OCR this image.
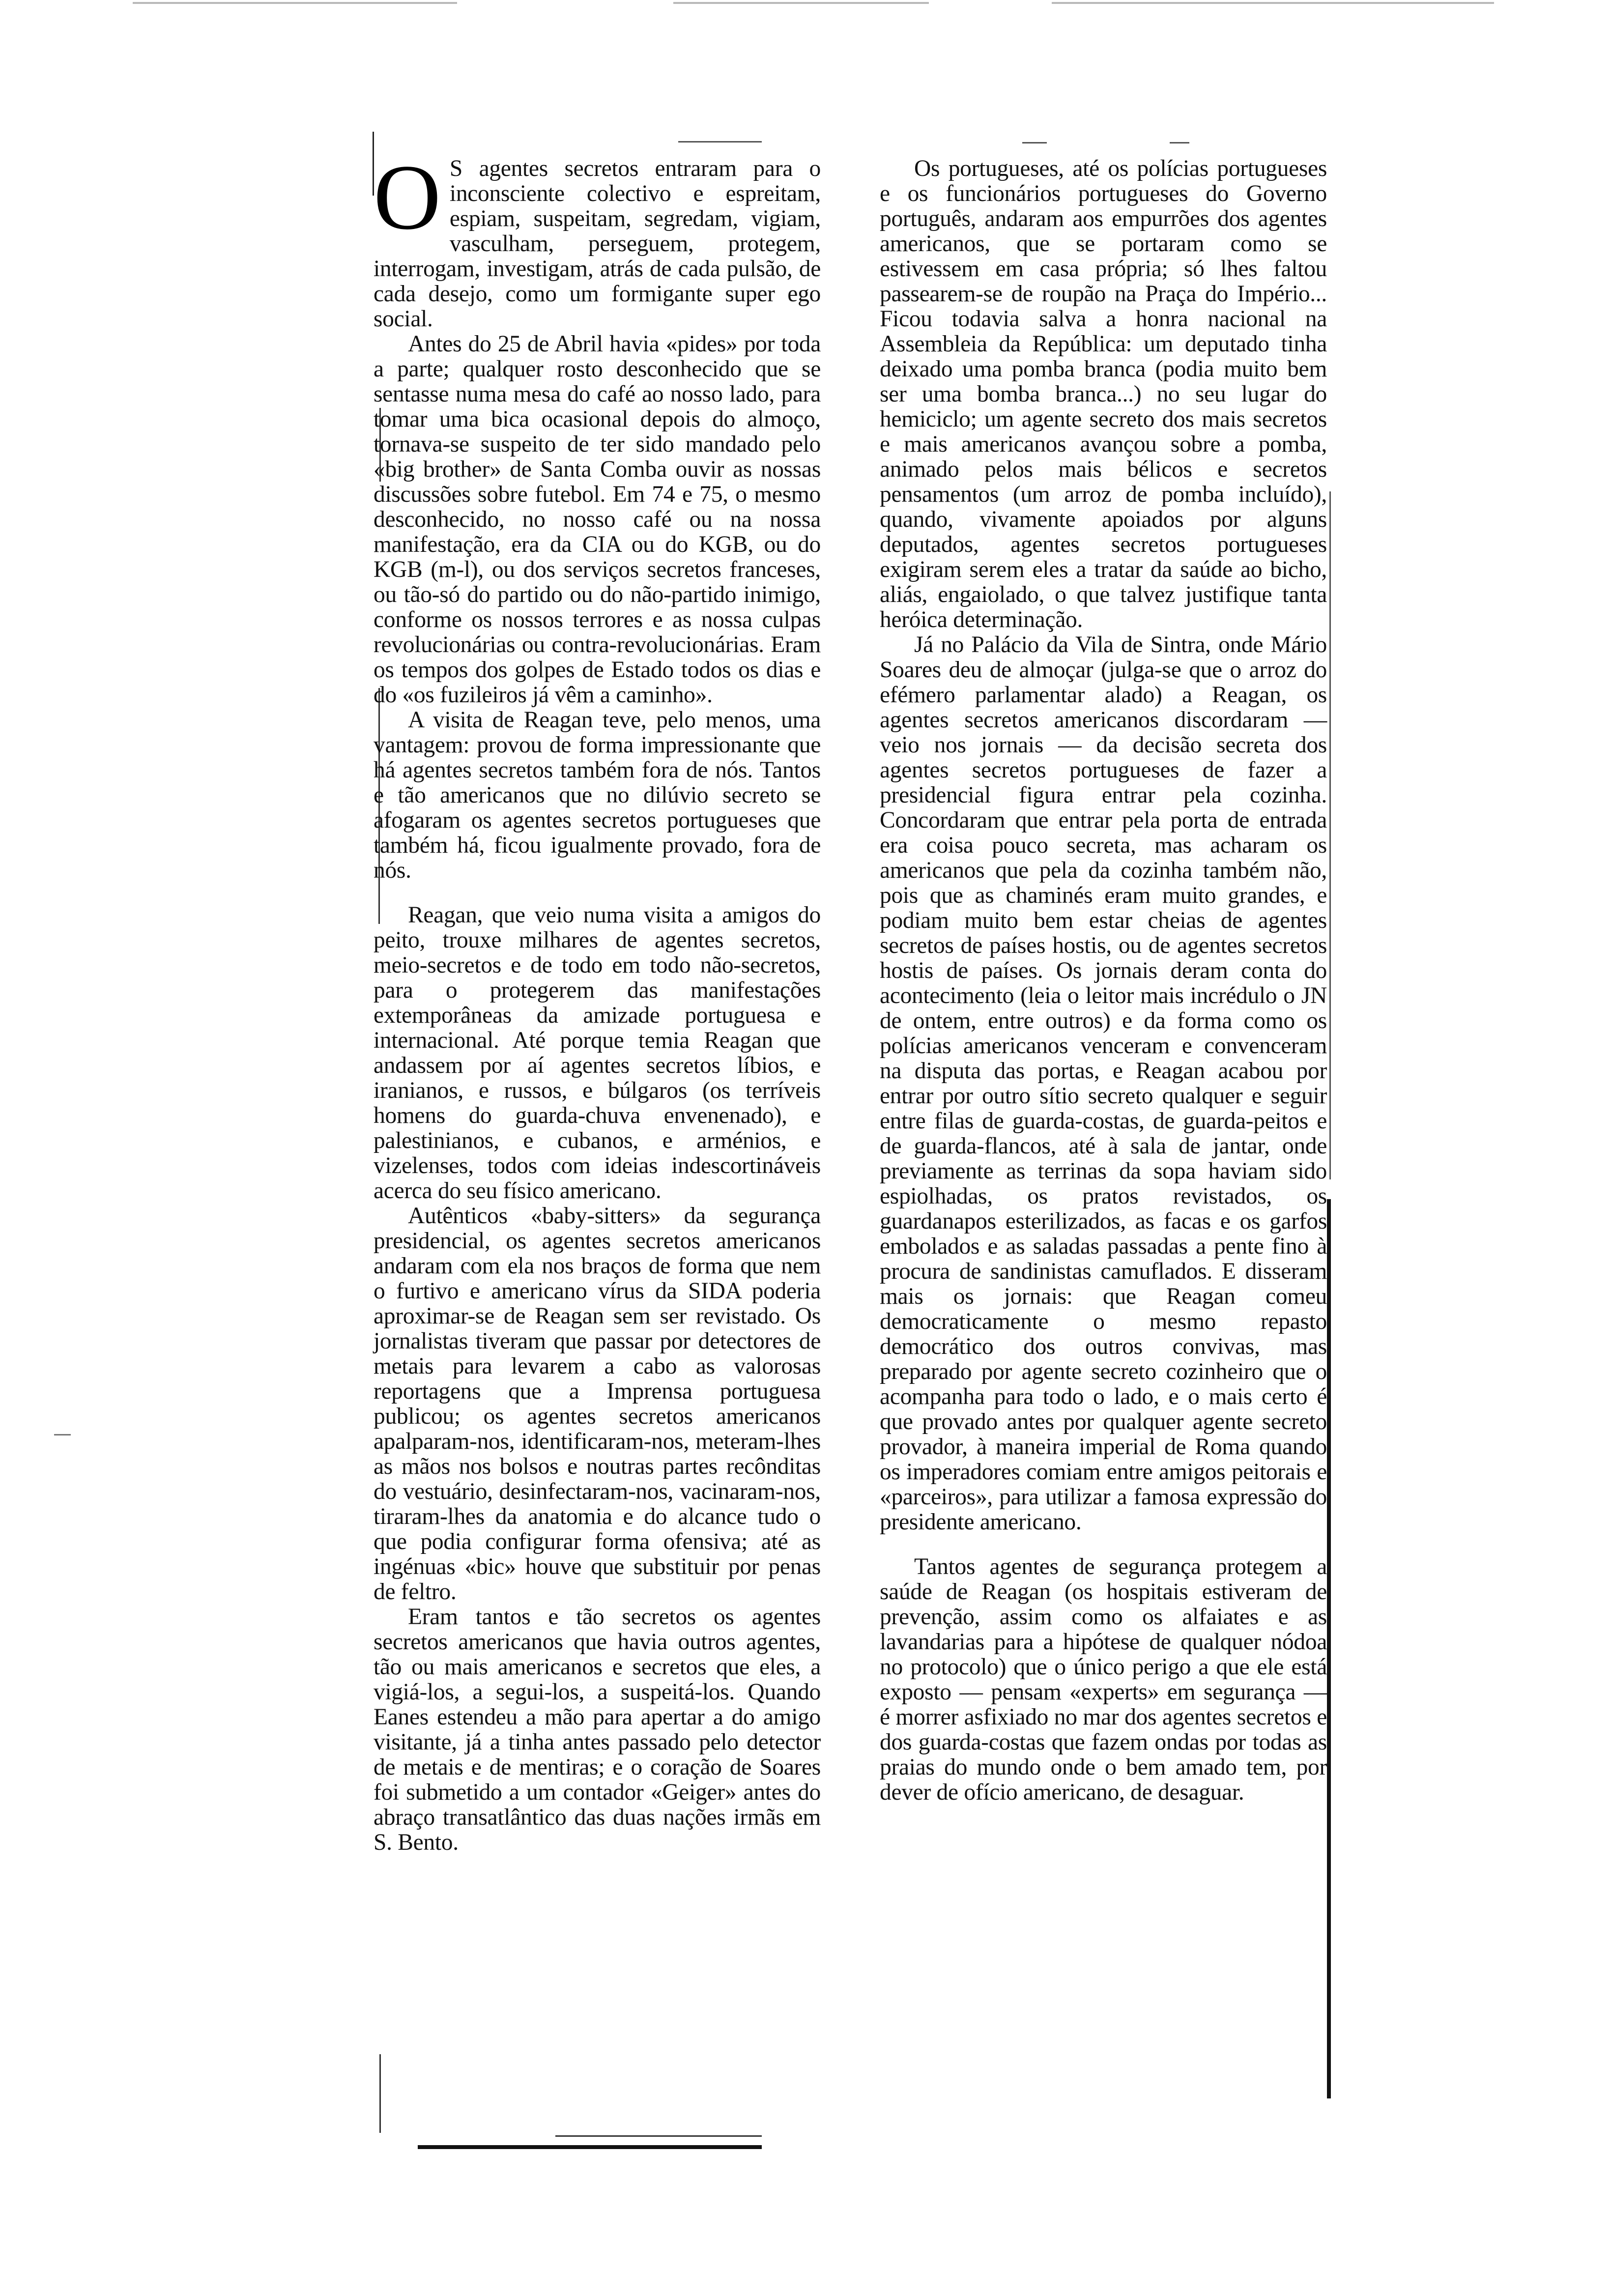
O S agentes secretos entraram para o inconsciente colectivo e espreitam, espiam, suspeitam, segredam, vigiam, vasculham, perseguem, protegem, interrogam, investigam, atrás de cada pulsão, de cada desejo, como um formigante super ego social.

Antes do 25 de Abril havia «pides» por toda a parte; qualquer rosto desconhecido que se sentasse numa mesa do café ao nosso lado, para tomar uma bica ocasional depois do almoço, tornava-se suspeito de ter sido mandado pelo «big brother» de Santa Comba ouvir as nossas discussões sobre futebol. Em 74 e 75, o mesmo desconhecido, no nosso café ou na nossa manifestação, era da CIA ou do KGB, ou do KGB (m-l), ou dos serviços secretos franceses, ou tão-só do partido ou do não-partido inimigo, conforme os nossos terrores e as nossa culpas revolucionárias ou contra-revolucionárias. Eram os tempos dos golpes de Estado todos os dias e do «os fuzileiros já vêm a caminho».

A visita de Reagan teve, pelo menos, uma vantagem: provou de forma impressionante que há agentes secretos também fora de nós. Tantos e tão americanos que no dilúvio secreto se afogaram os agentes secretos portugueses que também há, ficou igualmente provado, fora de nós.

Reagan, que veio numa visita a amigos do peito, trouxe milhares de agentes secretos, meio-secretos e de todo em todo não-secretos, para o protegerem das manifestações extemporâneas da amizade portuguesa e internacional. Até porque temia Reagan que andassem por aí agentes secretos líbios, e iranianos, e russos, e búlgaros (os terríveis homens do guarda-chuva envenenado), e palestinianos, e cubanos, e arménios, e vizelenses, todos com ideias indescortináveis acerca do seu físico americano.

Autênticos «baby-sitters» da segurança presidencial, os agentes secretos americanos andaram com ela nos braços de forma que nem o furtivo e americano vírus da SIDA poderia aproximar-se de Reagan sem ser revistado. Os jornalistas tiveram que passar por detectores de metais para levarem a cabo as valorosas reportagens que a Imprensa portuguesa publicou; os agentes secretos americanos apalparam-nos, identificaram-nos, meteram-lhes as mãos nos bolsos e noutras partes recônditas do vestuário, desinfectaram-nos, vacinaram-nos, tiraram-lhes da anatomia e do alcance tudo o que podia configurar forma ofensiva; até as ingénuas «bic» houve que substituir por penas de feltro.

Eram tantos e tão secretos os agentes secretos americanos que havia outros agentes, tão ou mais americanos e secretos que eles, a vigiá-los, a segui-los, a suspeitá-los. Quando Eanes estendeu a mão para apertar a do amigo visitante, já a tinha antes passado pelo detector de metais e de mentiras; e o coração de Soares foi submetido a um contador «Geiger» antes do abraço transatlântico das duas nações irmãs em S. Bento.

Os portugueses, até os polícias portugueses e os funcionários portugueses do Governo português, andaram aos empurrões dos agentes americanos, que se portaram como se estivessem em casa própria; só lhes faltou passearem-se de roupão na Praça do Império... Ficou todavia salva a honra nacional na Assembleia da República: um deputado tinha deixado uma pomba branca (podia muito bem ser uma bomba branca...) no seu lugar do hemiciclo; um agente secreto dos mais secretos e mais americanos avançou sobre a pomba, animado pelos mais bélicos e secretos pensamentos (um arroz de pomba incluído), quando, vivamente apoiados por alguns deputados, agentes secretos portugueses exigiram serem eles a tratar da saúde ao bicho, aliás, engaiolado, o que talvez justifique tanta heróica determinação.

Já no Palácio da Vila de Sintra, onde Mário Soares deu de almoçar (julga-se que o arroz do efémero parlamentar alado) a Reagan, os agentes secretos americanos discordaram — veio nos jornais — da decisão secreta dos agentes secretos portugueses de fazer a presidencial figura entrar pela cozinha. Concordaram que entrar pela porta de entrada era coisa pouco secreta, mas acharam os americanos que pela da cozinha também não, pois que as chaminés eram muito grandes, e podiam muito bem estar cheias de agentes secretos de países hostis, ou de agentes secretos hostis de países. Os jornais deram conta do acontecimento (leia o leitor mais incrédulo o JN de ontem, entre outros) e da forma como os polícias americanos venceram e convenceram na disputa das portas, e Reagan acabou por entrar por outro sítio secreto qualquer e seguir entre filas de guarda-costas, de guarda-peitos e de guarda-flancos, até à sala de jantar, onde previamente as terrinas da sopa haviam sido espiolhadas, os pratos revistados, os guardanapos esterilizados, as facas e os garfos embolados e as saladas passadas a pente fino à procura de sandinistas camuflados. E disseram mais os jornais: que Reagan comeu democraticamente o mesmo repasto democrático dos outros convivas, mas preparado por agente secreto cozinheiro que o acompanha para todo o lado, e o mais certo é que provado antes por qualquer agente secreto provador, à maneira imperial de Roma quando os imperadores comiam entre amigos peitorais e «parceiros», para utilizar a famosa expressão do presidente americano.

Tantos agentes de segurança protegem a saúde de Reagan (os hospitais estiveram de prevenção, assim como os alfaiates e as lavandarias para a hipótese de qualquer nódoa no protocolo) que o único perigo a que ele está exposto — pensam «experts» em segurança — é morrer asfixiado no mar dos agentes secretos e dos guarda-costas que fazem ondas por todas as praias do mundo onde o bem amado tem, por dever de ofício americano, de desaguar.
